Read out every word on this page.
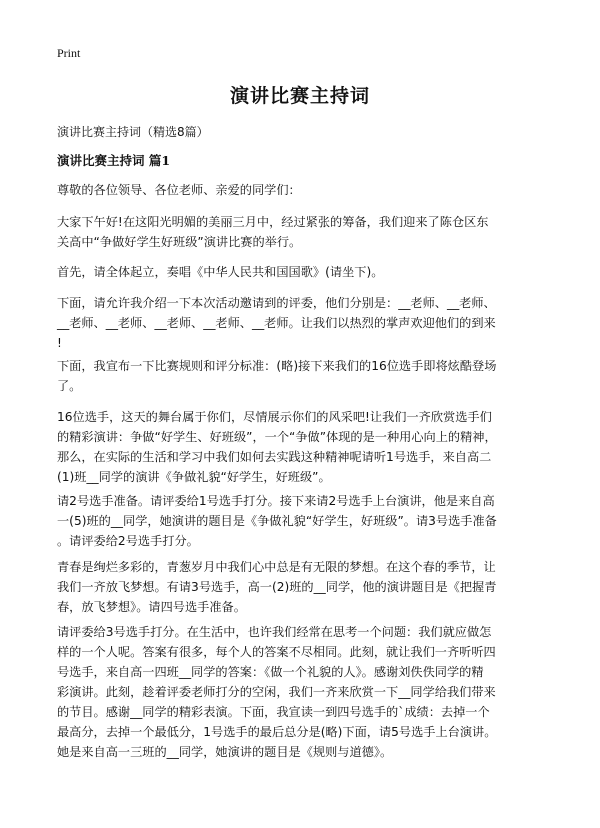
Print
演讲比赛主持词
演讲比赛主持词（精选8篇）
演讲比赛主持词 篇1
尊敬的各位领导、各位老师、亲爱的同学们：
大家下午好!在这阳光明媚的美丽三月中，经过紧张的筹备，我们迎来了陈仓区东
关高中“争做好学生好班级”演讲比赛的举行。
首先，请全体起立，奏唱《中华人民共和国国歌》(请坐下)。
下面，请允许我介绍一下本次活动邀请到的评委，他们分别是：__老师、__老师、
__老师、__老师、__老师、__老师、__老师。让我们以热烈的掌声欢迎他们的到来
!
下面，我宣布一下比赛规则和评分标准：(略)接下来我们的16位选手即将炫酷登场
了。
16位选手，这天的舞台属于你们，尽情展示你们的风采吧!让我们一齐欣赏选手们
的精彩演讲：争做“好学生、好班级”，一个“争做”体现的是一种用心向上的精神，
那么，在实际的生活和学习中我们如何去实践这种精神呢请听1号选手，来自高二
(1)班__同学的演讲《争做礼貌“好学生，好班级”。
请2号选手准备。请评委给1号选手打分。接下来请2号选手上台演讲，他是来自高
一(5)班的__同学，她演讲的题目是《争做礼貌“好学生，好班级”。请3号选手准备
。请评委给2号选手打分。
青春是绚烂多彩的，青葱岁月中我们心中总是有无限的梦想。在这个春的季节，让
我们一齐放飞梦想。有请3号选手，高一(2)班的__同学，他的演讲题目是《把握青
春，放飞梦想》。请四号选手准备。
请评委给3号选手打分。在生活中，也许我们经常在思考一个问题：我们就应做怎
样的一个人呢。答案有很多，每个人的答案不尽相同。此刻，就让我们一齐听听四
号选手，来自高一四班__同学的答案：《做一个礼貌的人》。感谢刘佚佚同学的精
彩演讲。此刻，趁着评委老师打分的空闲，我们一齐来欣赏一下__同学给我们带来
的节目。感谢__同学的精彩表演。下面，我宣读一到四号选手的`成绩：去掉一个
最高分，去掉一个最低分，1号选手的最后总分是(略)下面，请5号选手上台演讲。
她是来自高一三班的__同学，她演讲的题目是《规则与道德》。
